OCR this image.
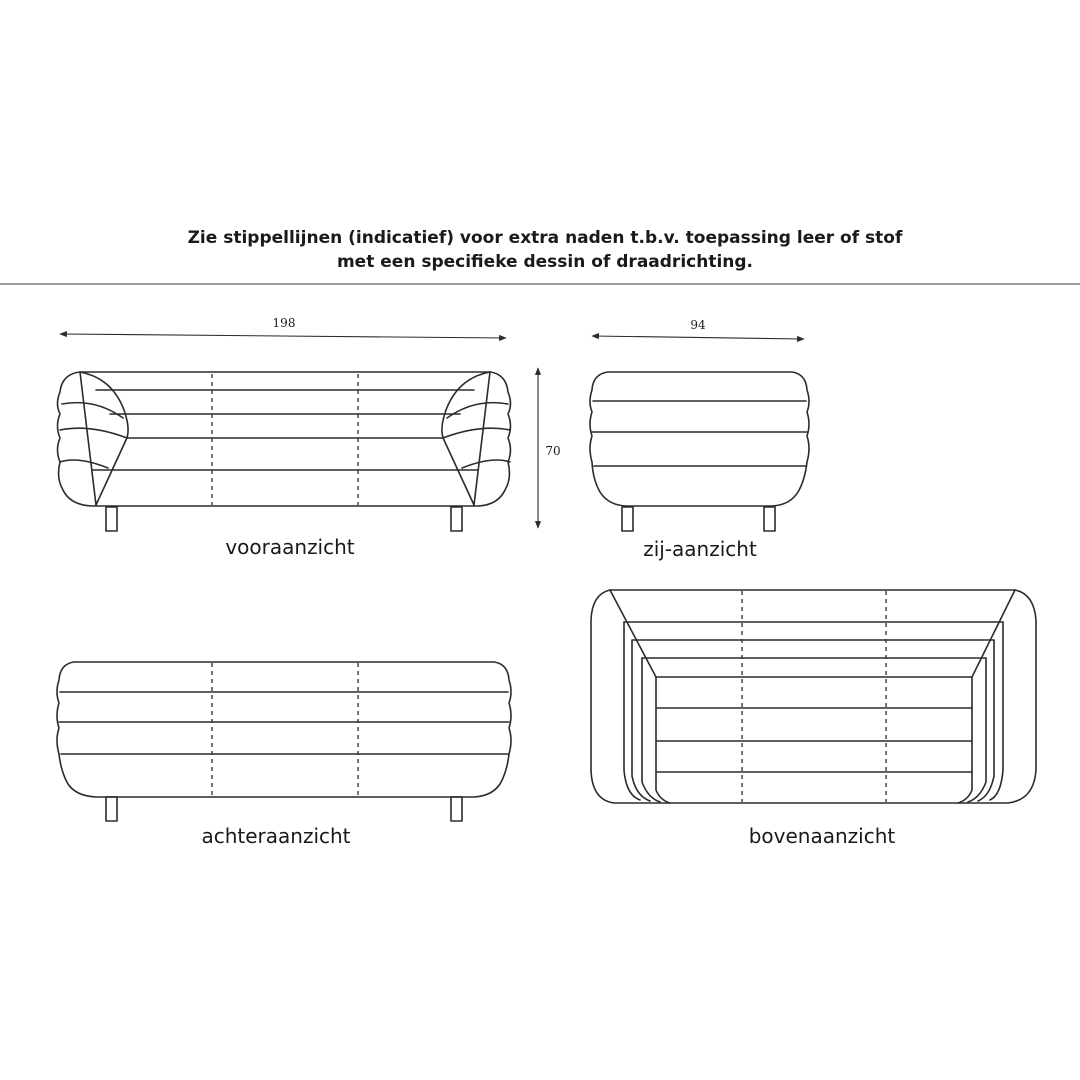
Zie stippellijnen (indicatief) voor extra naden t.b.v. toepassing leer of stof
met een specifieke dessin of draadrichting.
198
70
vooraanzicht
94
zij-aanzicht
achteraanzicht	bovenaanzicht
